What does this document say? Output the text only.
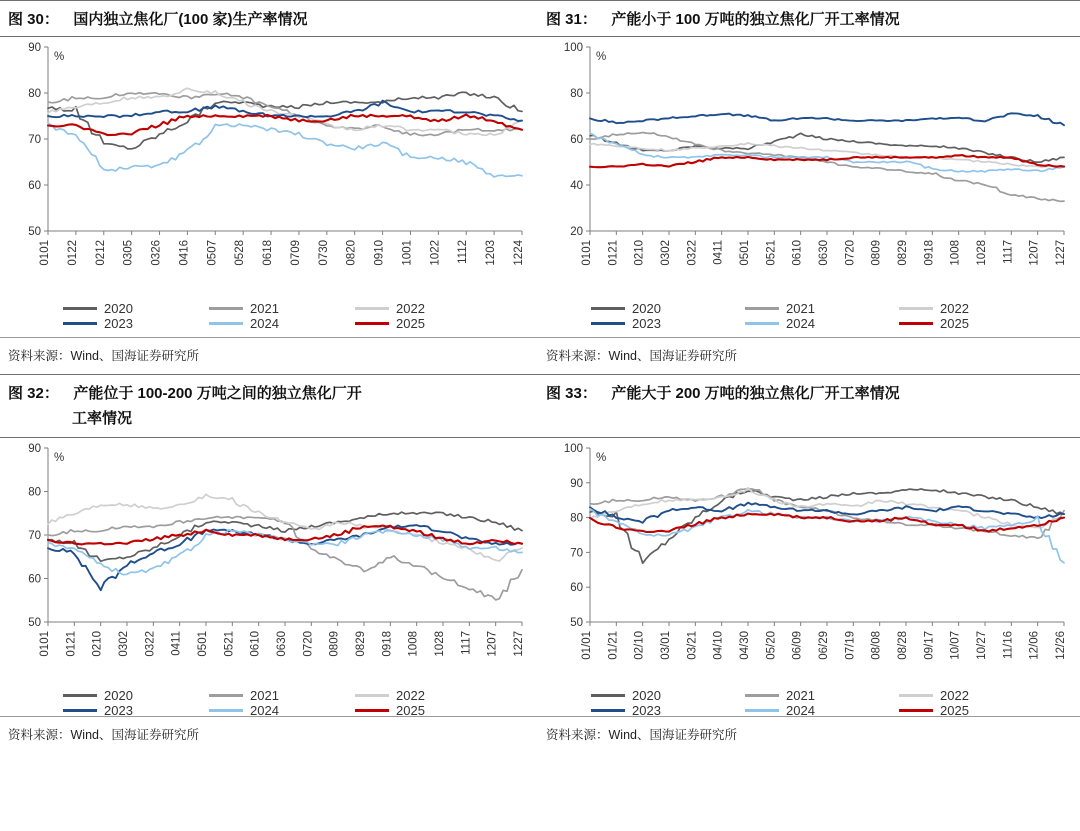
图 30： 国内独立焦化厂(100 家)生产率情况
50
60
70
80
90
%
0101 0122 0212 0305 0326 0416 0507 0528 0618 0709 0730 0820 0910 1001 1022 1112 1203 1224
2020	2021	2022
2023	2024	2025
资料来源：Wind、国海证券研究所
图 31： 产能小于 100 万吨的独立焦化厂开工率情况
20
40
60
80
100
%
0101 0121 0210 0302 0322 0411 0501 0521 0610 0630 0720 0809 0829 0918 1008 1028 1117 1207 1227
2020	2021	2022
2023	2024	2025
资料来源：Wind、国海证券研究所
图 32： 产能位于 100-200 万吨之间的独立焦化厂开
工率情况
50
60
70
80
90
%
0101 0121 0210 0302 0322 0411 0501 0521 0610 0630 0720 0809 0829 0918 1008 1028 1117 1207 1227
2020	2021	2022
2023	2024	2025
资料来源：Wind、国海证券研究所
图 33： 产能大于 200 万吨的独立焦化厂开工率情况
50
60
70
80
90
100
%
01/01 01/21 02/10 03/01 03/21 04/10 04/30 05/20 06/09 06/29 07/19 08/08 08/28 09/17 10/07 10/27 11/16 12/06 12/26
2020	2021	2022
2023	2024	2025
资料来源：Wind、国海证券研究所
